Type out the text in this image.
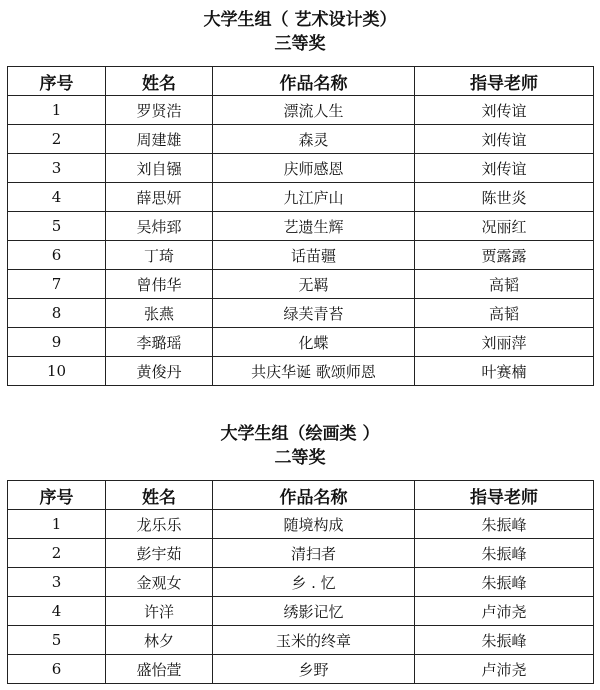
大学生组（ 艺术设计类）
三等奖
序号	姓名	作品名称	指导老师
1	罗贤浩	漂流人生	刘传谊
2	周建雄	森灵	刘传谊
3	刘自镪	庆师感恩	刘传谊
4	薛思妍	九江庐山	陈世炎
5	吴炜郅	艺遗生辉	况丽红
6	丁琦	话苗疆	贾露露
7	曾伟华	无羁	高韬
8	张燕	绿芙青苔	高韬
9	李璐瑶	化蝶	刘丽萍
10	黄俊丹	共庆华诞 歌颂师恩	叶赛楠
大学生组（绘画类 ）
二等奖
序号	姓名	作品名称	指导老师
1	龙乐乐	随境构成	朱振峰
2	彭宇茹	清扫者	朱振峰
3	金观女	乡 . 忆	朱振峰
4	许洋	绣影记忆	卢沛尧
5	林夕	玉米的终章	朱振峰
6	盛怡萱	乡野	卢沛尧
